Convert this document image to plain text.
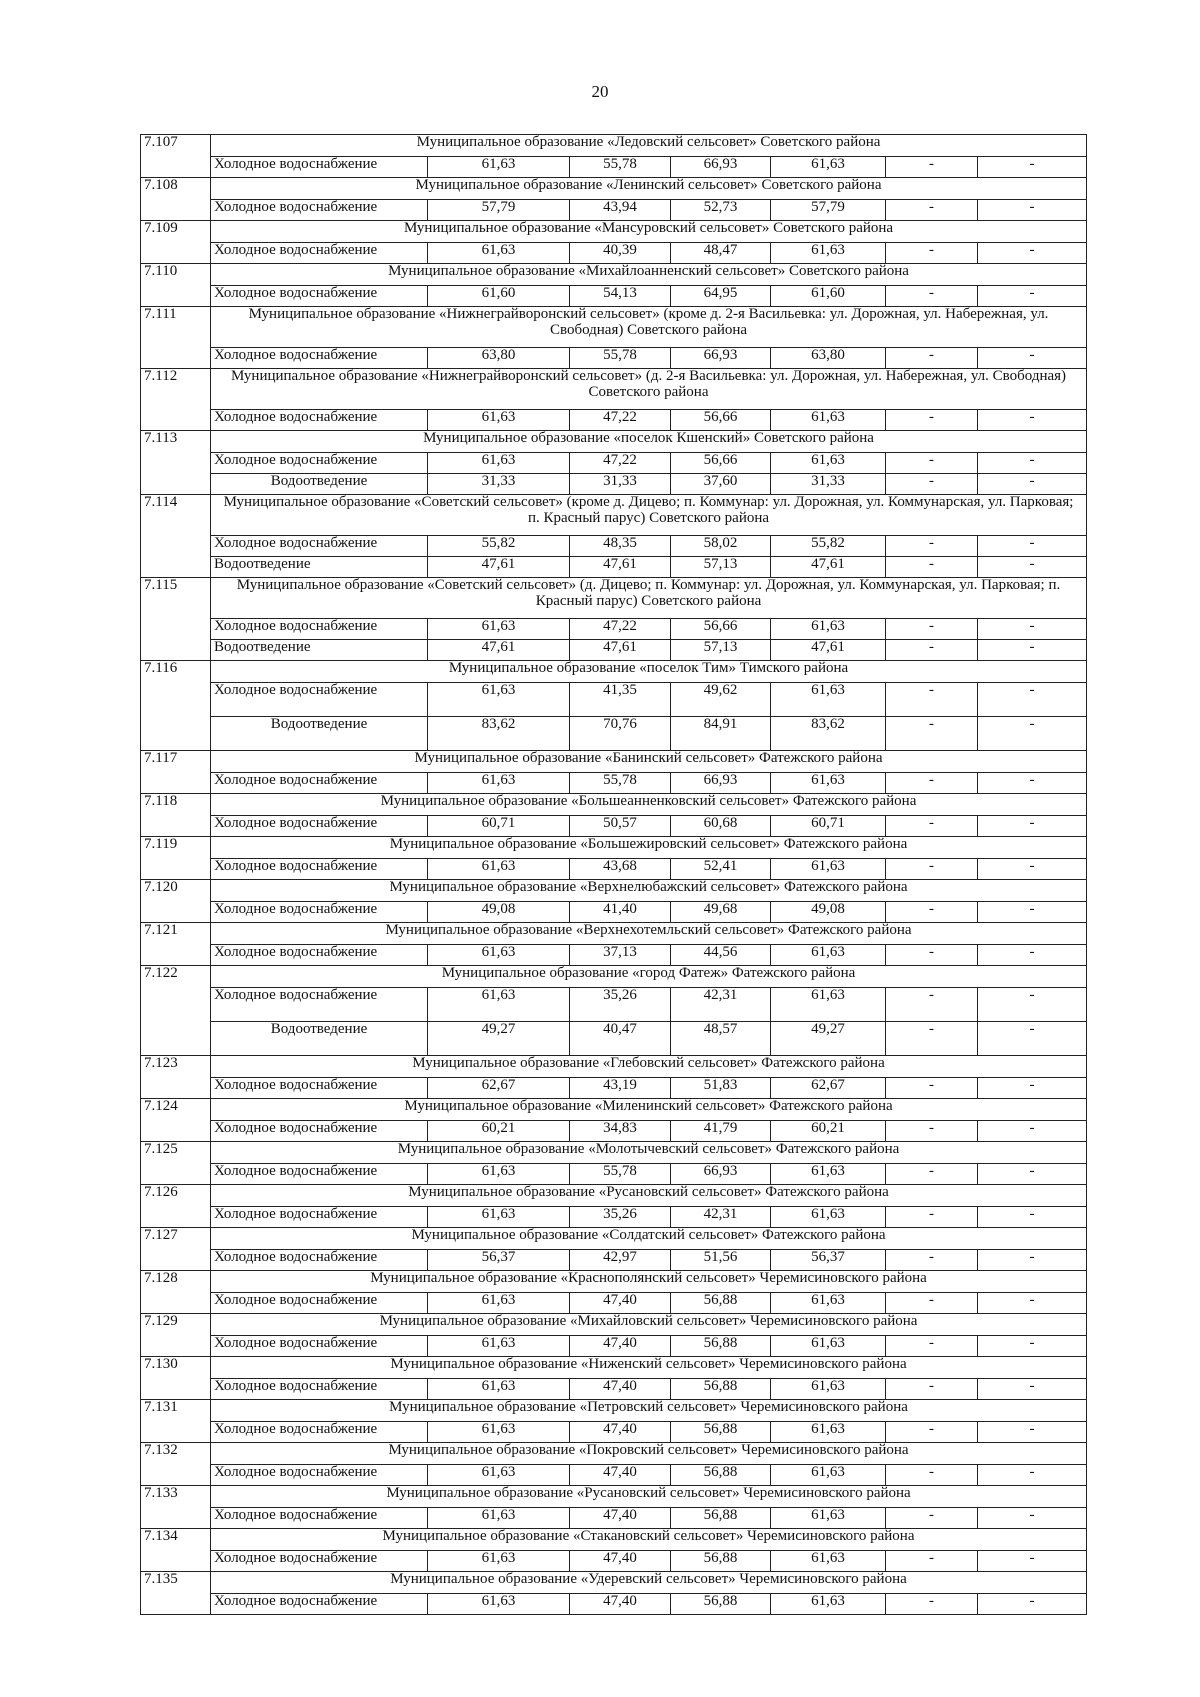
20
7.107	Муниципальное образование «Ледовский сельсовет» Советского района						
	Холодное водоснабжение	61,63	55,78	66,93	61,63	-	-
7.108	Муниципальное образование «Ленинский сельсовет» Советского района						
	Холодное водоснабжение	57,79	43,94	52,73	57,79	-	-
7.109	Муниципальное образование «Мансуровский сельсовет» Советского района						
	Холодное водоснабжение	61,63	40,39	48,47	61,63	-	-
7.110	Муниципальное образование «Михайлоанненский сельсовет» Советского района						
	Холодное водоснабжение	61,60	54,13	64,95	61,60	-	-
7.111	Муниципальное образование «Нижнеграйворонский сельсовет» (кроме д. 2-я Васильевка: ул. Дорожная, ул. Набережная, ул. Свободная) Советского района						
	Холодное водоснабжение	63,80	55,78	66,93	63,80	-	-
7.112	Муниципальное образование «Нижнеграйворонский сельсовет» (д. 2-я Васильевка: ул. Дорожная, ул. Набережная, ул. Свободная) Советского района						
	Холодное водоснабжение	61,63	47,22	56,66	61,63	-	-
7.113	Муниципальное образование «поселок Кшенский» Советского района						
	Холодное водоснабжение	61,63	47,22	56,66	61,63	-	-
	Водоотведение	31,33	31,33	37,60	31,33	-	-
7.114	Муниципальное образование «Советский сельсовет» (кроме д. Дицево; п. Коммунар: ул. Дорожная, ул. Коммунарская, ул. Парковая; п. Красный парус) Советского района						
	Холодное водоснабжение	55,82	48,35	58,02	55,82	-	-
	Водоотведение	47,61	47,61	57,13	47,61	-	-
7.115	Муниципальное образование «Советский сельсовет» (д. Дицево; п. Коммунар: ул. Дорожная, ул. Коммунарская, ул. Парковая; п. Красный парус) Советского района						
	Холодное водоснабжение	61,63	47,22	56,66	61,63	-	-
	Водоотведение	47,61	47,61	57,13	47,61	-	-
7.116	Муниципальное образование «поселок Тим» Тимского района						
	Холодное водоснабжение	61,63	41,35	49,62	61,63	-	-
	Водоотведение	83,62	70,76	84,91	83,62	-	-
7.117	Муниципальное образование «Банинский сельсовет» Фатежского района						
	Холодное водоснабжение	61,63	55,78	66,93	61,63	-	-
7.118	Муниципальное образование «Большеанненковский сельсовет» Фатежского района						
	Холодное водоснабжение	60,71	50,57	60,68	60,71	-	-
7.119	Муниципальное образование «Большежировский сельсовет» Фатежского района						
	Холодное водоснабжение	61,63	43,68	52,41	61,63	-	-
7.120	Муниципальное образование «Верхнелюбажский сельсовет» Фатежского района						
	Холодное водоснабжение	49,08	41,40	49,68	49,08	-	-
7.121	Муниципальное образование «Верхнехотемльский сельсовет» Фатежского района						
	Холодное водоснабжение	61,63	37,13	44,56	61,63	-	-
7.122	Муниципальное образование «город Фатеж» Фатежского района						
	Холодное водоснабжение	61,63	35,26	42,31	61,63	-	-
	Водоотведение	49,27	40,47	48,57	49,27	-	-
7.123	Муниципальное образование «Глебовский сельсовет» Фатежского района						
	Холодное водоснабжение	62,67	43,19	51,83	62,67	-	-
7.124	Муниципальное образование «Миленинский сельсовет» Фатежского района						
	Холодное водоснабжение	60,21	34,83	41,79	60,21	-	-
7.125	Муниципальное образование «Молотычевский сельсовет» Фатежского района						
	Холодное водоснабжение	61,63	55,78	66,93	61,63	-	-
7.126	Муниципальное образование «Русановский сельсовет» Фатежского района						
	Холодное водоснабжение	61,63	35,26	42,31	61,63	-	-
7.127	Муниципальное образование «Солдатский сельсовет» Фатежского района						
	Холодное водоснабжение	56,37	42,97	51,56	56,37	-	-
7.128	Муниципальное образование «Краснополянский сельсовет» Черемисиновского района						
	Холодное водоснабжение	61,63	47,40	56,88	61,63	-	-
7.129	Муниципальное образование «Михайловский сельсовет» Черемисиновского района						
	Холодное водоснабжение	61,63	47,40	56,88	61,63	-	-
7.130	Муниципальное образование «Ниженский сельсовет» Черемисиновского района						
	Холодное водоснабжение	61,63	47,40	56,88	61,63	-	-
7.131	Муниципальное образование «Петровский сельсовет» Черемисиновского района						
	Холодное водоснабжение	61,63	47,40	56,88	61,63	-	-
7.132	Муниципальное образование «Покровский сельсовет» Черемисиновского района						
	Холодное водоснабжение	61,63	47,40	56,88	61,63	-	-
7.133	Муниципальное образование «Русановский сельсовет» Черемисиновского района						
	Холодное водоснабжение	61,63	47,40	56,88	61,63	-	-
7.134	Муниципальное образование «Стакановский сельсовет» Черемисиновского района						
	Холодное водоснабжение	61,63	47,40	56,88	61,63	-	-
7.135	Муниципальное образование «Удеревский сельсовет» Черемисиновского района						
	Холодное водоснабжение	61,63	47,40	56,88	61,63	-	-
